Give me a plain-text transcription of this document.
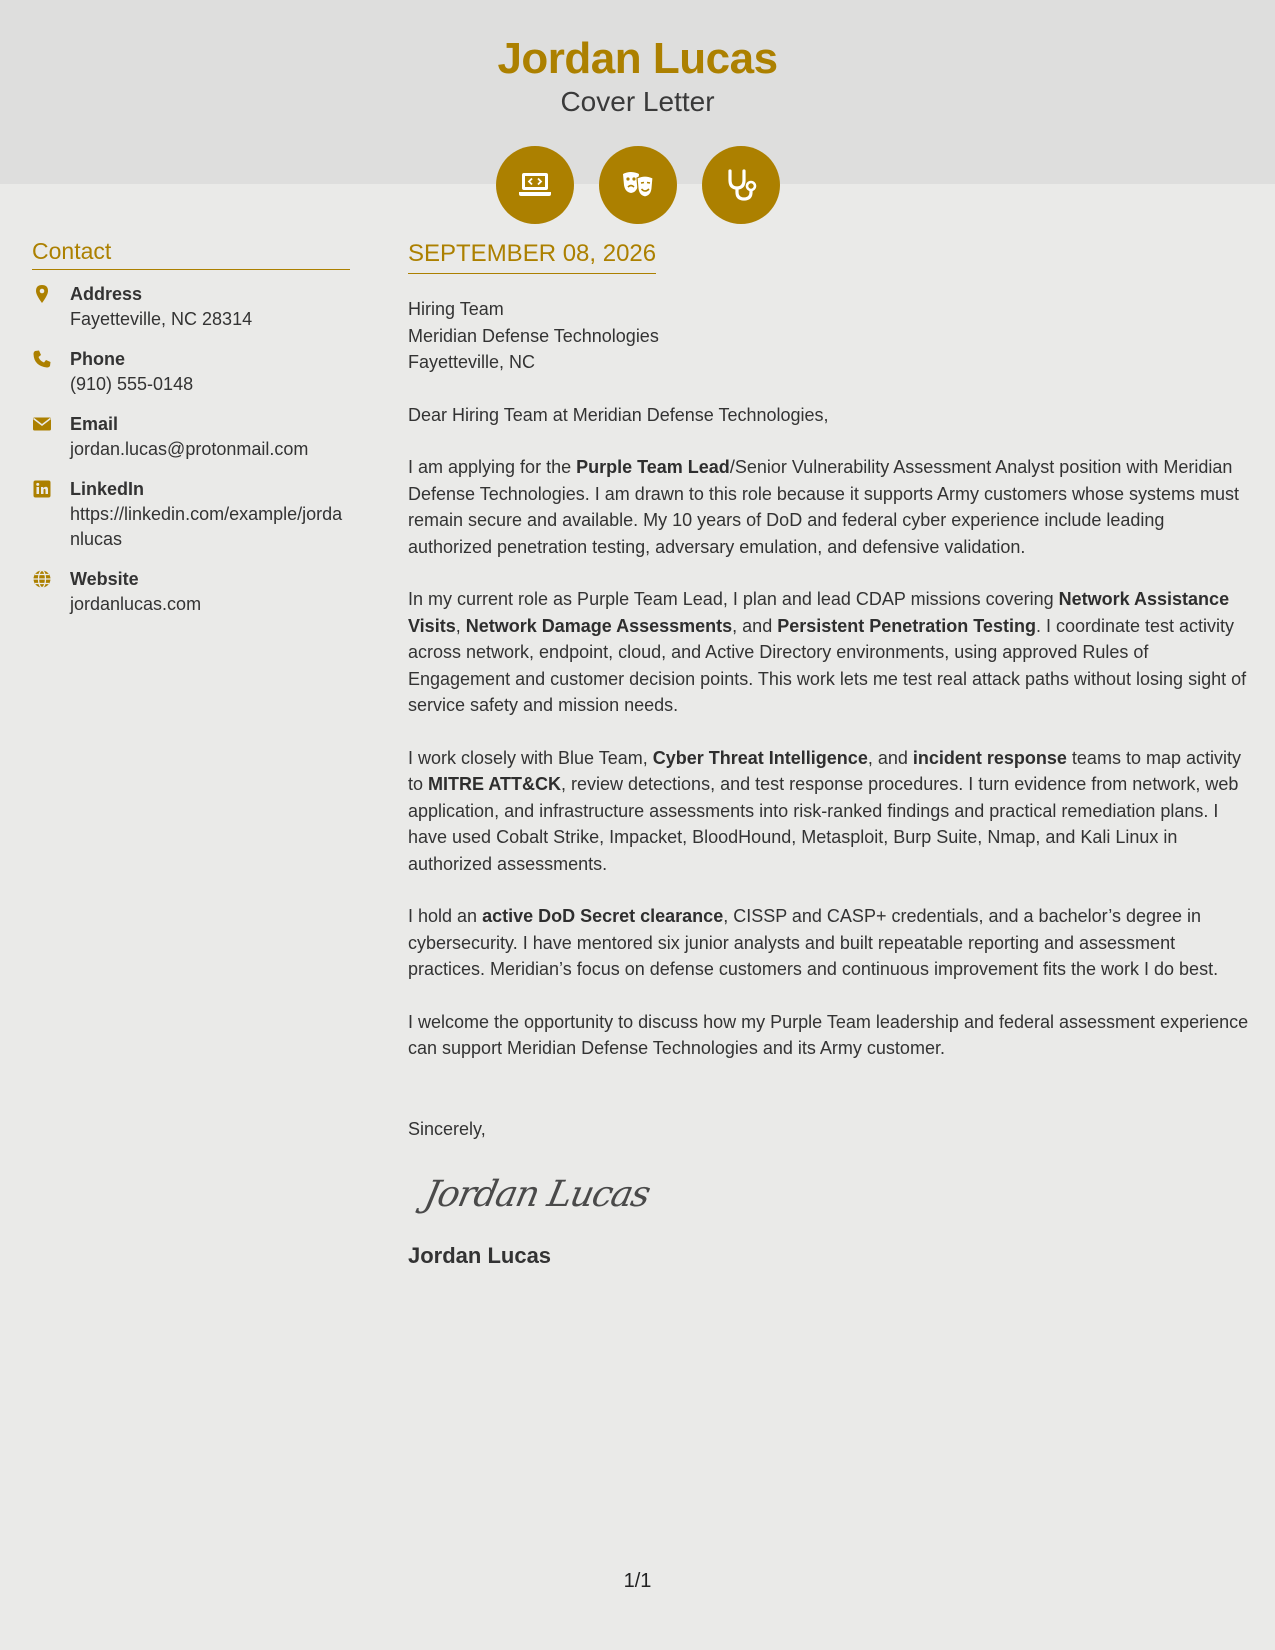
Jordan Lucas
Cover Letter
Contact
Address
Fayetteville, NC 28314
Phone
(910) 555-0148
Email
jordan.lucas@protonmail.com
LinkedIn
https://linkedin.com/example/jordanlucas
Website
jordanlucas.com
SEPTEMBER 08, 2026
Hiring Team
Meridian Defense Technologies
Fayetteville, NC
Dear Hiring Team at Meridian Defense Technologies,
I am applying for the Purple Team Lead/Senior Vulnerability Assessment Analyst position with Meridian Defense Technologies. I am drawn to this role because it supports Army customers whose systems must remain secure and available. My 10 years of DoD and federal cyber experience include leading authorized penetration testing, adversary emulation, and defensive validation.
In my current role as Purple Team Lead, I plan and lead CDAP missions covering Network Assistance Visits, Network Damage Assessments, and Persistent Penetration Testing. I coordinate test activity across network, endpoint, cloud, and Active Directory environments, using approved Rules of Engagement and customer decision points. This work lets me test real attack paths without losing sight of service safety and mission needs.
I work closely with Blue Team, Cyber Threat Intelligence, and incident response teams to map activity to MITRE ATT&CK, review detections, and test response procedures. I turn evidence from network, web application, and infrastructure assessments into risk-ranked findings and practical remediation plans. I have used Cobalt Strike, Impacket, BloodHound, Metasploit, Burp Suite, Nmap, and Kali Linux in authorized assessments.
I hold an active DoD Secret clearance, CISSP and CASP+ credentials, and a bachelor’s degree in cybersecurity. I have mentored six junior analysts and built repeatable reporting and assessment practices. Meridian’s focus on defense customers and continuous improvement fits the work I do best.
I welcome the opportunity to discuss how my Purple Team leadership and federal assessment experience can support Meridian Defense Technologies and its Army customer.
Sincerely,
Jordan Lucas
Jordan Lucas
1/1
